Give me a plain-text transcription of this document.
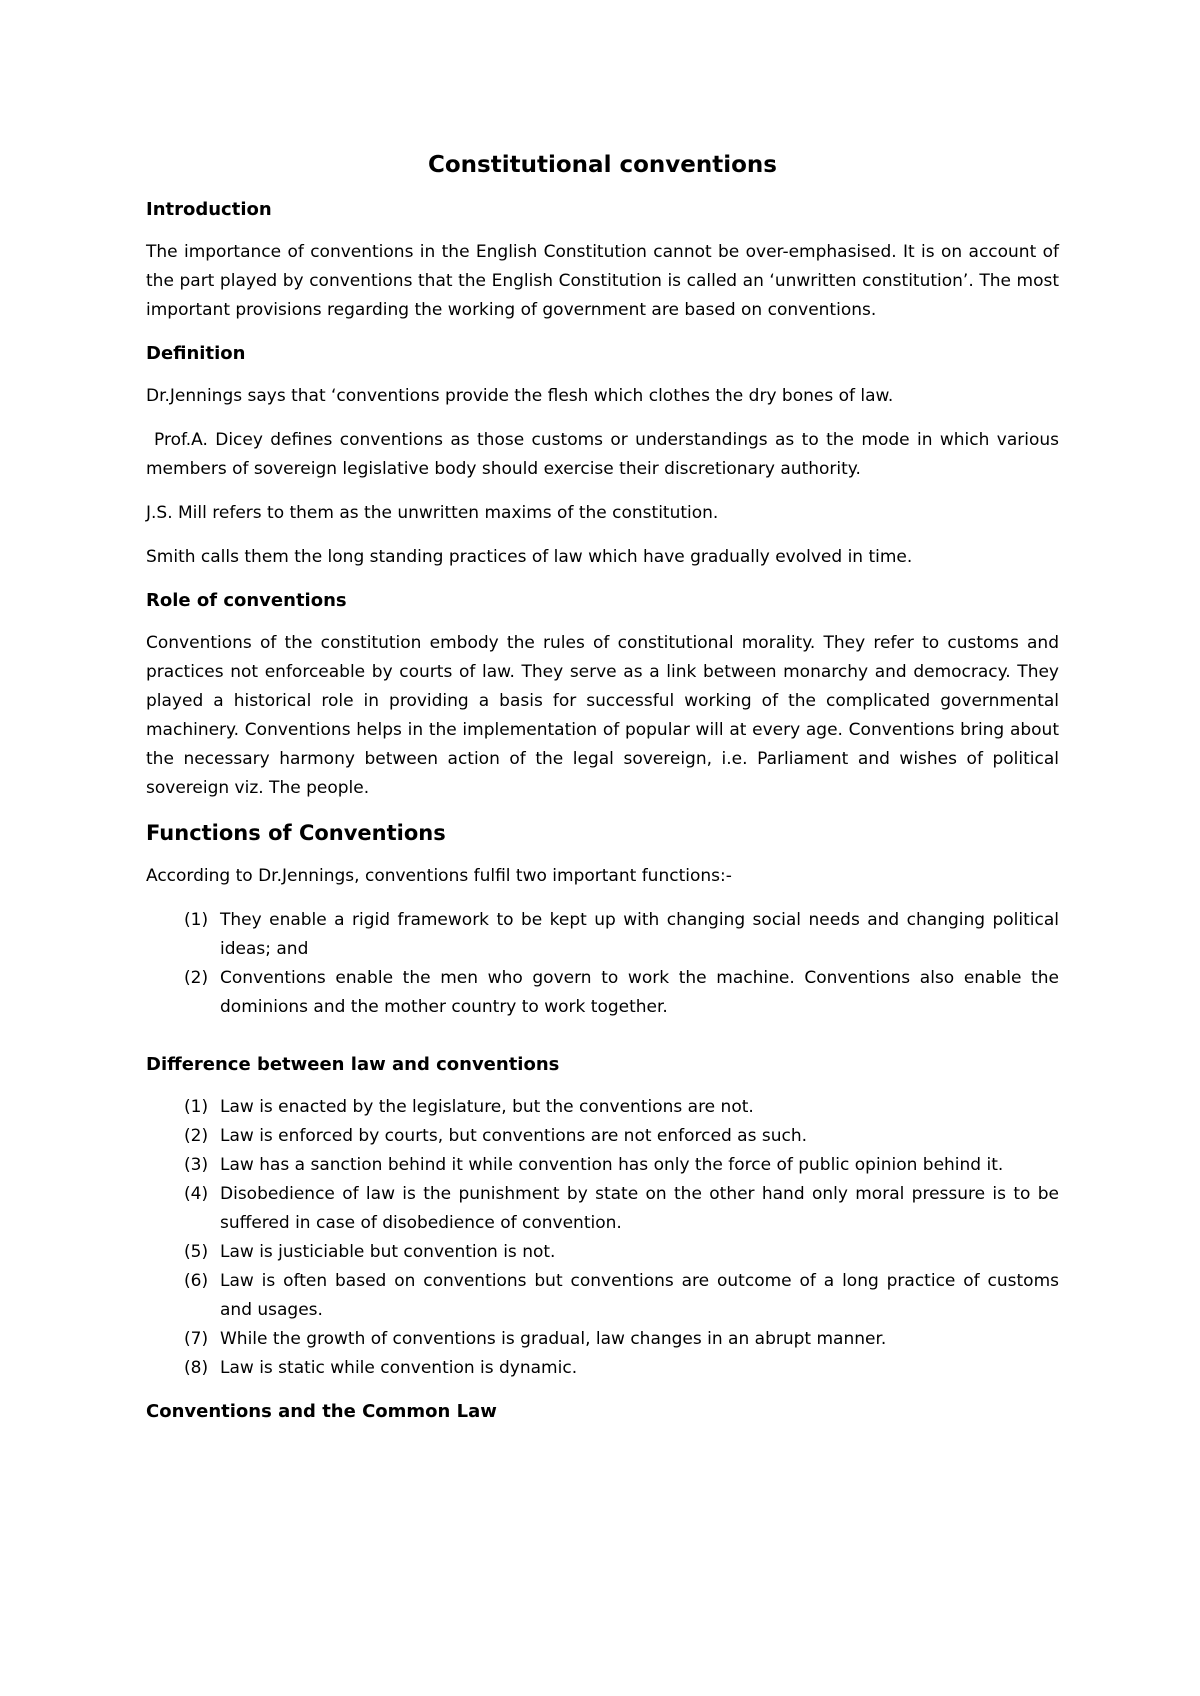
Constitutional conventions
Introduction

The importance of conventions in the English Constitution cannot be over-emphasised. It is on account of the part played by conventions that the English Constitution is called an ‘unwritten constitution’. The most important provisions regarding the working of government are based on conventions.

Definition

Dr.Jennings says that ‘conventions provide the flesh which clothes the dry bones of law.

Prof.A. Dicey defines conventions as those customs or understandings as to the mode in which various members of sovereign legislative body should exercise their discretionary authority.

J.S. Mill refers to them as the unwritten maxims of the constitution.

Smith calls them the long standing practices of law which have gradually evolved in time.

Role of conventions

Conventions of the constitution embody the rules of constitutional morality. They refer to customs and practices not enforceable by courts of law. They serve as a link between monarchy and democracy. They played a historical role in providing a basis for successful working of the complicated governmental machinery. Conventions helps in the implementation of popular will at every age. Conventions bring about the necessary harmony between action of the legal sovereign, i.e. Parliament and wishes of political sovereign viz. The people.

Functions of Conventions

According to Dr.Jennings, conventions fulfil two important functions:-

(1) They enable a rigid framework to be kept up with changing social needs and changing political ideas; and
(2) Conventions enable the men who govern to work the machine. Conventions also enable the dominions and the mother country to work together.
Difference between law and conventions
(1) Law is enacted by the legislature, but the conventions are not.
(2) Law is enforced by courts, but conventions are not enforced as such.
(3) Law has a sanction behind it while convention has only the force of public opinion behind it.
(4) Disobedience of law is the punishment by state on the other hand only moral pressure is to be suffered in case of disobedience of convention.
(5) Law is justiciable but convention is not.
(6) Law is often based on conventions but conventions are outcome of a long practice of customs and usages.
(7) While the growth of conventions is gradual, law changes in an abrupt manner.
(8) Law is static while convention is dynamic.
Conventions and the Common Law
